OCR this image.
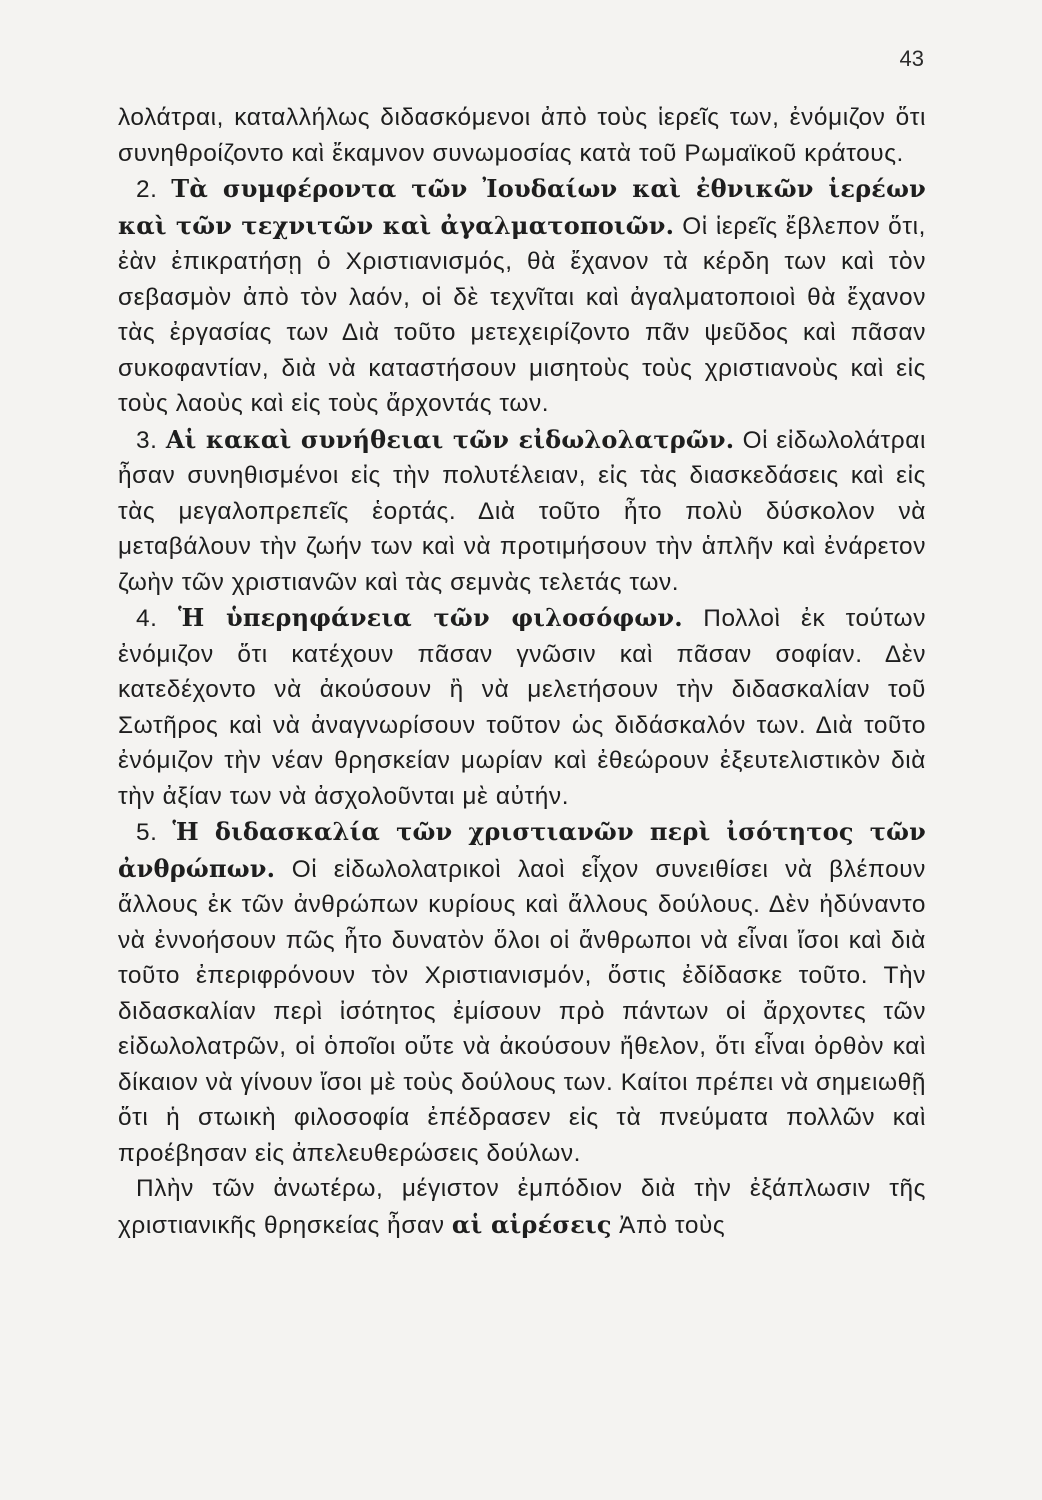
43

λολάτραι, καταλλήλως διδασκόμενοι ἀπὸ τοὺς ἱερεῖς των, ἐνόμιζον ὅτι συνηθροίζοντο καὶ ἔκαμνον συνωμοσίας κατὰ τοῦ Ρωμαϊκοῦ κράτους.

2. Τὰ συμφέροντα τῶν Ἰουδαίων καὶ ἐθνικῶν ἱερέων καὶ τῶν τεχνιτῶν καὶ ἀγαλματοποιῶν. Οἱ ἱερεῖς ἔβλεπον ὅτι, ἐὰν ἐπικρατήσῃ ὁ Χριστιανισμός, θὰ ἔχανον τὰ κέρδη των καὶ τὸν σεβασμὸν ἀπὸ τὸν λαόν, οἱ δὲ τεχνῖται καὶ ἀγαλματοποιοὶ θὰ ἔχανον τὰς ἐργασίας των Διὰ τοῦτο μετεχειρίζοντο πᾶν ψεῦδος καὶ πᾶσαν συκοφαντίαν, διὰ νὰ καταστήσουν μισητοὺς τοὺς χριστιανοὺς καὶ εἰς τοὺς λαοὺς καὶ εἰς τοὺς ἄρχοντάς των.

3. Αἱ κακαὶ συνήθειαι τῶν εἰδωλολατρῶν. Οἱ εἰδωλολάτραι ἦσαν συνηθισμένοι εἰς τὴν πολυτέλειαν, εἰς τὰς διασκεδάσεις καὶ εἰς τὰς μεγαλοπρεπεῖς ἑορτάς. Διὰ τοῦτο ἦτο πολὺ δύσκολον νὰ μεταβάλουν τὴν ζωήν των καὶ νὰ προτιμήσουν τὴν ἁπλῆν καὶ ἐνάρετον ζωὴν τῶν χριστιανῶν καὶ τὰς σεμνὰς τελετάς των.

4. Ἡ ὑπερηφάνεια τῶν φιλοσόφων. Πολλοὶ ἐκ τούτων ἐνόμιζον ὅτι κατέχουν πᾶσαν γνῶσιν καὶ πᾶσαν σοφίαν. Δὲν κατεδέχοντο νὰ ἀκούσουν ἢ νὰ μελετήσουν τὴν διδασκαλίαν τοῦ Σωτῆρος καὶ νὰ ἀναγνωρίσουν τοῦτον ὡς διδάσκαλόν των. Διὰ τοῦτο ἐνόμιζον τὴν νέαν θρησκείαν μωρίαν καὶ ἐθεώρουν ἐξευτελιστικὸν διὰ τὴν ἀξίαν των νὰ ἀσχολοῦνται μὲ αὐτήν.

5. Ἡ διδασκαλία τῶν χριστιανῶν περὶ ἰσότητος τῶν ἀνθρώπων. Οἱ εἰδωλολατρικοὶ λαοὶ εἶχον συνειθίσει νὰ βλέπουν ἄλλους ἐκ τῶν ἀνθρώπων κυρίους καὶ ἄλλους δούλους. Δὲν ἠδύναντο νὰ ἐννοήσουν πῶς ἦτο δυνατὸν ὅλοι οἱ ἄνθρωποι νὰ εἶναι ἴσοι καὶ διὰ τοῦτο ἐπεριφρόνουν τὸν Χριστιανισμόν, ὅστις ἐδίδασκε τοῦτο. Τὴν διδασκαλίαν περὶ ἰσότητος ἐμίσουν πρὸ πάντων οἱ ἄρχοντες τῶν εἰδωλολατρῶν, οἱ ὁποῖοι οὔτε νὰ ἀκούσουν ἤθελον, ὅτι εἶναι ὀρθὸν καὶ δίκαιον νὰ γίνουν ἴσοι μὲ τοὺς δούλους των. Καίτοι πρέπει νὰ σημειωθῇ ὅτι ἡ στωικὴ φιλοσοφία ἐπέδρασεν εἰς τὰ πνεύματα πολλῶν καὶ προέβησαν εἰς ἀπελευθερώσεις δούλων.

Πλὴν τῶν ἀνωτέρω, μέγιστον ἐμπόδιον διὰ τὴν ἐξάπλωσιν τῆς χριστιανικῆς θρησκείας ἦσαν αἱ αἱρέσεις Ἀπὸ τοὺς
